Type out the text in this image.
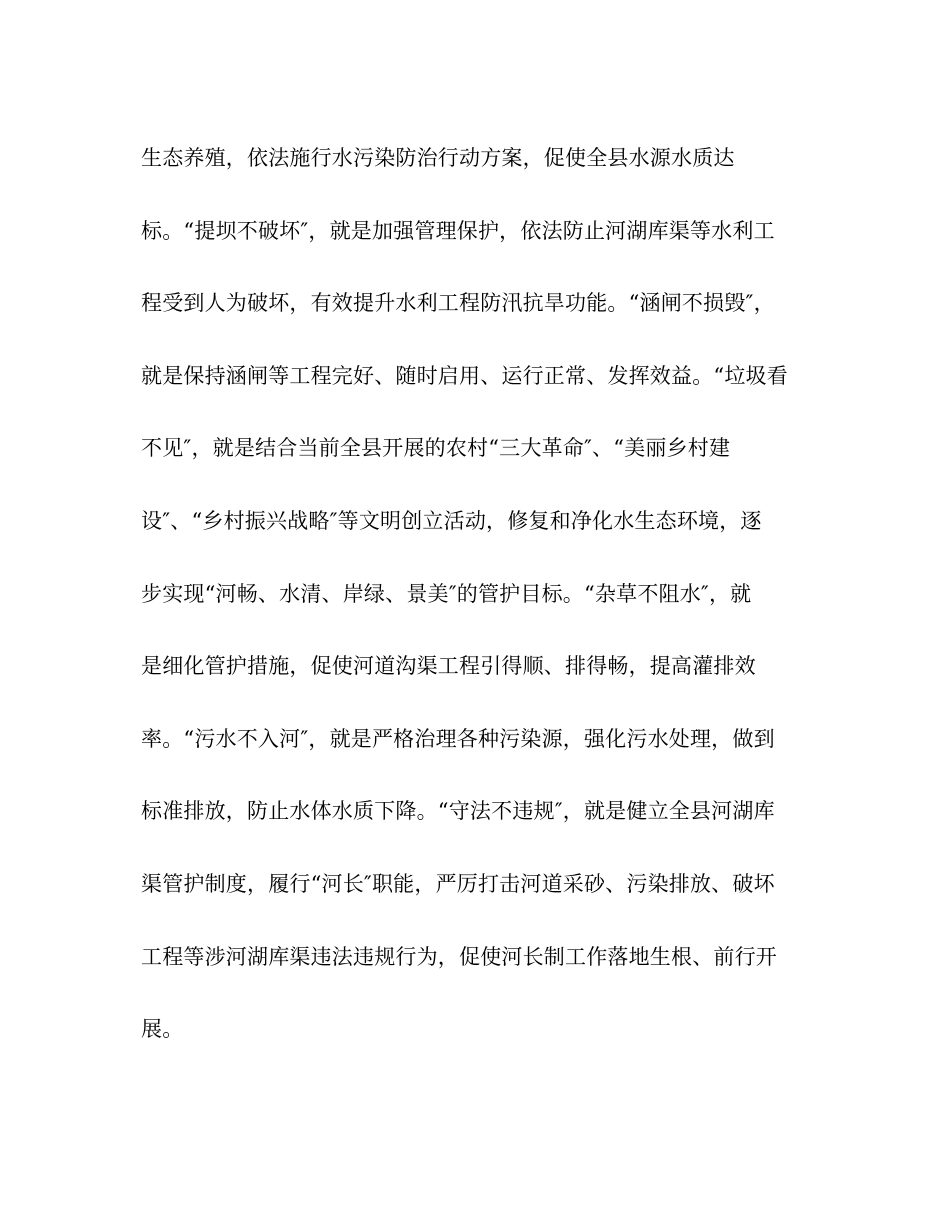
生态养殖，依法施行水污染防治行动方案，促使全县水源水质达
标。“提坝不破坏″，就是加强管理保护，依法防止河湖库渠等水利工
程受到人为破坏，有效提升水利工程防汛抗旱功能。“涵闸不损毁″，
就是保持涵闸等工程完好、随时启用、运行正常、发挥效益。“垃圾看
不见″，就是结合当前全县开展的农村“三大革命″、“美丽乡村建
设″、“乡村振兴战略″等文明创立活动，修复和净化水生态环境，逐
步实现“河畅、水清、岸绿、景美″的管护目标。“杂草不阻水″，就
是细化管护措施，促使河道沟渠工程引得顺、排得畅，提高灌排效
率。“污水不入河″，就是严格治理各种污染源，强化污水处理，做到
标准排放，防止水体水质下降。“守法不违规″，就是健立全县河湖库
渠管护制度，履行“河长″职能，严厉打击河道采砂、污染排放、破坏
工程等涉河湖库渠违法违规行为，促使河长制工作落地生根、前行开
展。
